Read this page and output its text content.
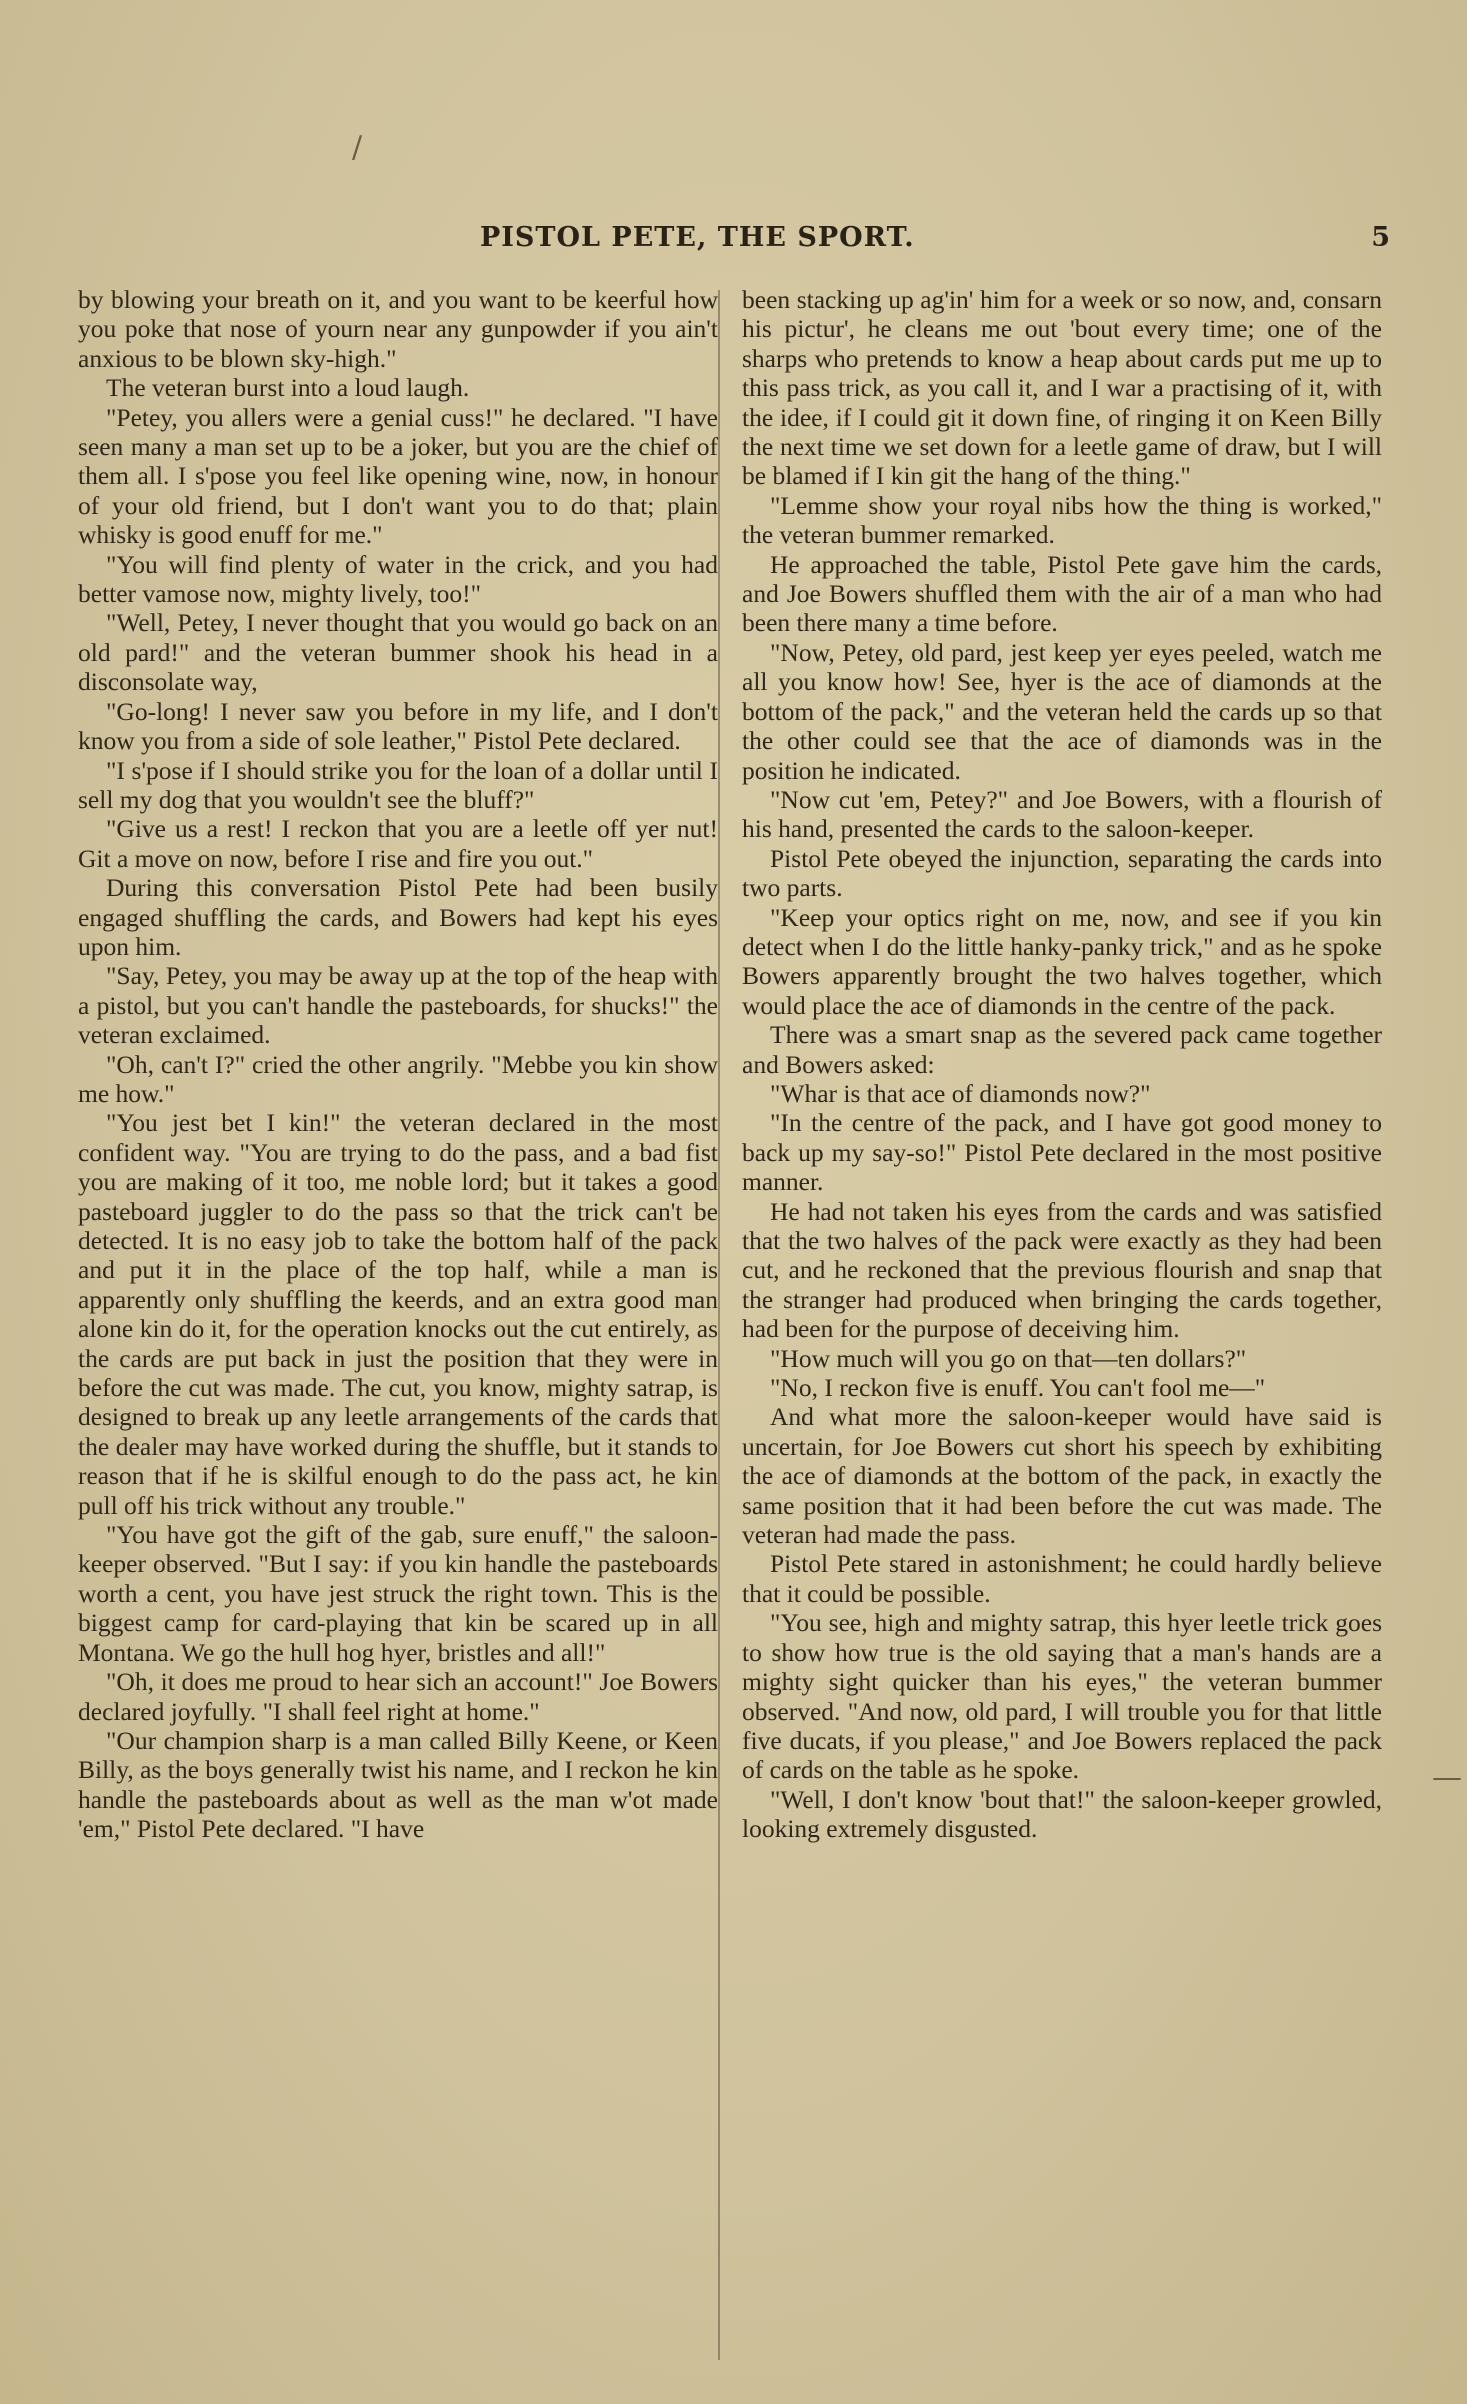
/
—
PISTOL PETE, THE SPORT.	5

by blowing your breath on it, and you want to be keerful how you poke that nose of yourn near any gunpowder if you ain't anxious to be blown sky-high."

The veteran burst into a loud laugh.

"Petey, you allers were a genial cuss!" he declared. "I have seen many a man set up to be a joker, but you are the chief of them all. I s'pose you feel like opening wine, now, in honour of your old friend, but I don't want you to do that; plain whisky is good enuff for me."

"You will find plenty of water in the crick, and you had better vamose now, mighty lively, too!"

"Well, Petey, I never thought that you would go back on an old pard!" and the veteran bummer shook his head in a disconsolate way,

"Go-long! I never saw you before in my life, and I don't know you from a side of sole leather," Pistol Pete declared.

"I s'pose if I should strike you for the loan of a dollar until I sell my dog that you wouldn't see the bluff?"

"Give us a rest! I reckon that you are a leetle off yer nut! Git a move on now, before I rise and fire you out."

During this conversation Pistol Pete had been busily engaged shuffling the cards, and Bowers had kept his eyes upon him.

"Say, Petey, you may be away up at the top of the heap with a pistol, but you can't handle the pasteboards, for shucks!" the veteran exclaimed.

"Oh, can't I?" cried the other angrily. "Mebbe you kin show me how."

"You jest bet I kin!" the veteran declared in the most confident way. "You are trying to do the pass, and a bad fist you are making of it too, me noble lord; but it takes a good pasteboard juggler to do the pass so that the trick can't be detected. It is no easy job to take the bottom half of the pack and put it in the place of the top half, while a man is apparently only shuffling the keerds, and an extra good man alone kin do it, for the operation knocks out the cut entirely, as the cards are put back in just the position that they were in before the cut was made. The cut, you know, mighty satrap, is designed to break up any leetle arrangements of the cards that the dealer may have worked during the shuffle, but it stands to reason that if he is skilful enough to do the pass act, he kin pull off his trick without any trouble."

"You have got the gift of the gab, sure enuff," the saloon-keeper observed. "But I say: if you kin handle the pasteboards worth a cent, you have jest struck the right town. This is the biggest camp for card-playing that kin be scared up in all Montana. We go the hull hog hyer, bristles and all!"

"Oh, it does me proud to hear sich an account!" Joe Bowers declared joyfully. "I shall feel right at home."

"Our champion sharp is a man called Billy Keene, or Keen Billy, as the boys generally twist his name, and I reckon he kin handle the pasteboards about as well as the man w'ot made 'em," Pistol Pete declared. "I have

been stacking up ag'in' him for a week or so now, and, consarn his pictur', he cleans me out 'bout every time; one of the sharps who pretends to know a heap about cards put me up to this pass trick, as you call it, and I war a practising of it, with the idee, if I could git it down fine, of ringing it on Keen Billy the next time we set down for a leetle game of draw, but I will be blamed if I kin git the hang of the thing."

"Lemme show your royal nibs how the thing is worked," the veteran bummer remarked.

He approached the table, Pistol Pete gave him the cards, and Joe Bowers shuffled them with the air of a man who had been there many a time before.

"Now, Petey, old pard, jest keep yer eyes peeled, watch me all you know how! See, hyer is the ace of diamonds at the bottom of the pack," and the veteran held the cards up so that the other could see that the ace of diamonds was in the position he indicated.

"Now cut 'em, Petey?" and Joe Bowers, with a flourish of his hand, presented the cards to the saloon-keeper.

Pistol Pete obeyed the injunction, separating the cards into two parts.

"Keep your optics right on me, now, and see if you kin detect when I do the little hanky-panky trick," and as he spoke Bowers apparently brought the two halves together, which would place the ace of diamonds in the centre of the pack.

There was a smart snap as the severed pack came together and Bowers asked:

"Whar is that ace of diamonds now?"

"In the centre of the pack, and I have got good money to back up my say-so!" Pistol Pete declared in the most positive manner.

He had not taken his eyes from the cards and was satisfied that the two halves of the pack were exactly as they had been cut, and he reckoned that the previous flourish and snap that the stranger had produced when bringing the cards together, had been for the purpose of deceiving him.

"How much will you go on that—ten dollars?"

"No, I reckon five is enuff. You can't fool me—"

And what more the saloon-keeper would have said is uncertain, for Joe Bowers cut short his speech by exhibiting the ace of diamonds at the bottom of the pack, in exactly the same position that it had been before the cut was made. The veteran had made the pass.

Pistol Pete stared in astonishment; he could hardly believe that it could be possible.

"You see, high and mighty satrap, this hyer leetle trick goes to show how true is the old saying that a man's hands are a mighty sight quicker than his eyes," the veteran bummer observed. "And now, old pard, I will trouble you for that little five ducats, if you please," and Joe Bowers replaced the pack of cards on the table as he spoke.

"Well, I don't know 'bout that!" the saloon-keeper growled, looking extremely disgusted.
